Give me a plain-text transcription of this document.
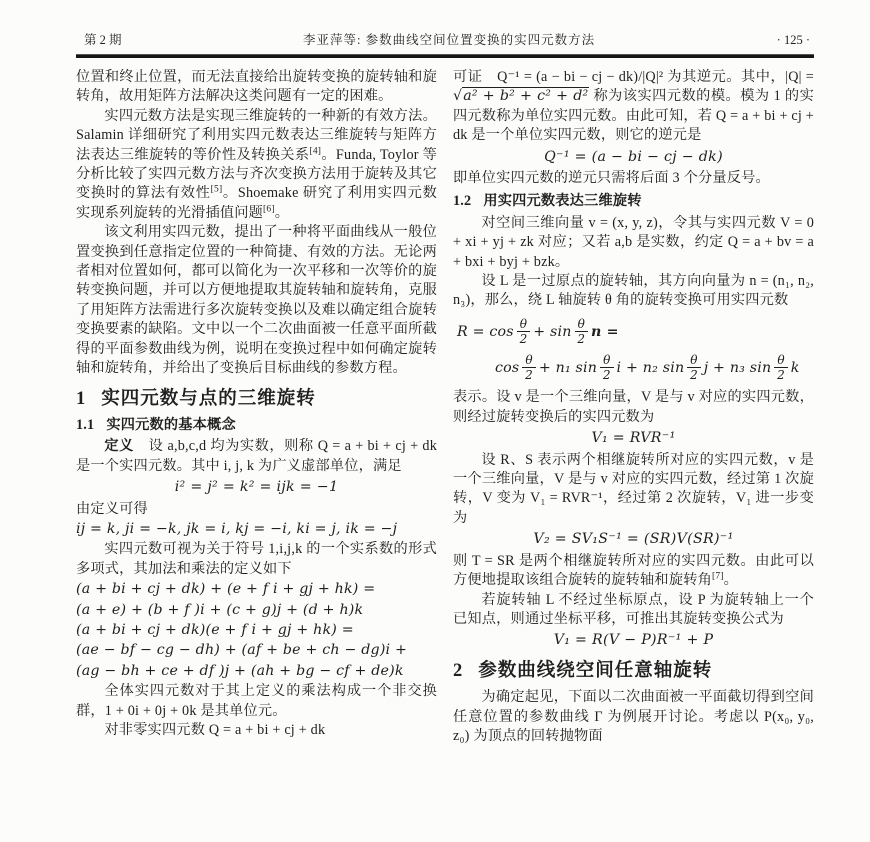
第 2 期	李亚萍等: 参数曲线空间位置变换的实四元数方法	· 125 ·

位置和终止位置，而无法直接给出旋转变换的旋转轴和旋转角，故用矩阵方法解决这类问题有一定的困难。

实四元数方法是实现三维旋转的一种新的有效方法。Salamin 详细研究了利用实四元数表达三维旋转与矩阵方法表达三维旋转的等价性及转换关系[4]。Funda, Toylor 等分析比较了实四元数方法与齐次变换方法用于旋转及其它变换时的算法有效性[5]。Shoemake 研究了利用实四元数实现系列旋转的光滑插值问题[6]。

该文利用实四元数，提出了一种将平面曲线从一般位置变换到任意指定位置的一种简捷、有效的方法。无论两者相对位置如何，都可以简化为一次平移和一次等价的旋转变换问题，并可以方便地提取其旋转轴和旋转角，克服了用矩阵方法需进行多次旋转变换以及难以确定组合旋转变换要素的缺陷。文中以一个二次曲面被一任意平面所截得的平面参数曲线为例，说明在变换过程中如何确定旋转轴和旋转角，并给出了变换后目标曲线的参数方程。

1 实四元数与点的三维旋转
1.1 实四元数的基本概念

定义　设 a,b,c,d 均为实数，则称 Q = a + bi + cj + dk 是一个实四元数。其中 i, j, k 为广义虚部单位，满足

i² = j² = k² = ijk = −1

由定义可得

ij = k, ji = −k, jk = i, kj = −i, ki = j, ik = −j

实四元数可视为关于符号 1,i,j,k 的一个实系数的形式多项式，其加法和乘法的定义如下

(a + bi + cj + dk) + (e + f i + gj + hk) =
(a + e) + (b + f )i + (c + g)j + (d + h)k
(a + bi + cj + dk)(e + f i + gj + hk) =
(ae − bf − cg − dh) + (af + be + ch − dg)i +
(ag − bh + ce + df )j + (ah + bg − cf + de)k

全体实四元数对于其上定义的乘法构成一个非交换群，1 + 0i + 0j + 0k 是其单位元。

对非零实四元数 Q = a + bi + cj + dk

可证　Q⁻¹ = (a − bi − cj − dk)/|Q|² 为其逆元。其中，|Q| = √ a² + b² + c² + d² 称为该实四元数的模。模为 1 的实四元数称为单位实四元数。由此可知，若 Q = a + bi + cj + dk 是一个单位实四元数，则它的逆元是

Q⁻¹ = (a − bi − cj − dk)

即单位实四元数的逆元只需将后面 3 个分量反号。

1.2 用实四元数表达三维旋转

对空间三维向量 v = (x, y, z)，令其与实四元数 V = 0 + xi + yj + zk 对应；又若 a,b 是实数，约定 Q = a + bv = a + bxi + byj + bzk。

设 L 是一过原点的旋转轴，其方向向量为 n = (n₁, n₂, n₃)，那么，绕 L 轴旋转 θ 角的旋转变换可用实四元数

$R = \cos \frac{\theta}{2} + \sin \frac{\theta}{2}$ n =
$\cos \frac{\theta}{2} + n_1$ $\sin \frac{\theta}{2}$ i + n₂ $\sin \frac{\theta}{2}$ j + n₃ $\sin \frac{\theta}{2}$ k

表示。设 v 是一个三维向量，V 是与 v 对应的实四元数，则经过旋转变换后的实四元数为

V₁ = RVR⁻¹

设 R、S 表示两个相继旋转所对应的实四元数，v 是一个三维向量，V 是与 v 对应的实四元数，经过第 1 次旋转，V 变为 V₁ = RVR⁻¹，经过第 2 次旋转，V₁ 进一步变为

V₂ = SV₁S⁻¹ = (SR)V(SR)⁻¹

则 T = SR 是两个相继旋转所对应的实四元数。由此可以方便地提取该组合旋转的旋转轴和旋转角[7]。

若旋转轴 L 不经过坐标原点，设 P 为旋转轴上一个已知点，则通过坐标平移，可推出其旋转变换公式为

V₁ = R(V − P)R⁻¹ + P
2 参数曲线绕空间任意轴旋转

为确定起见，下面以二次曲面被一平面截切得到空间任意位置的参数曲线 Γ 为例展开讨论。考虑以 P(x₀, y₀, z₀) 为顶点的回转抛物面
